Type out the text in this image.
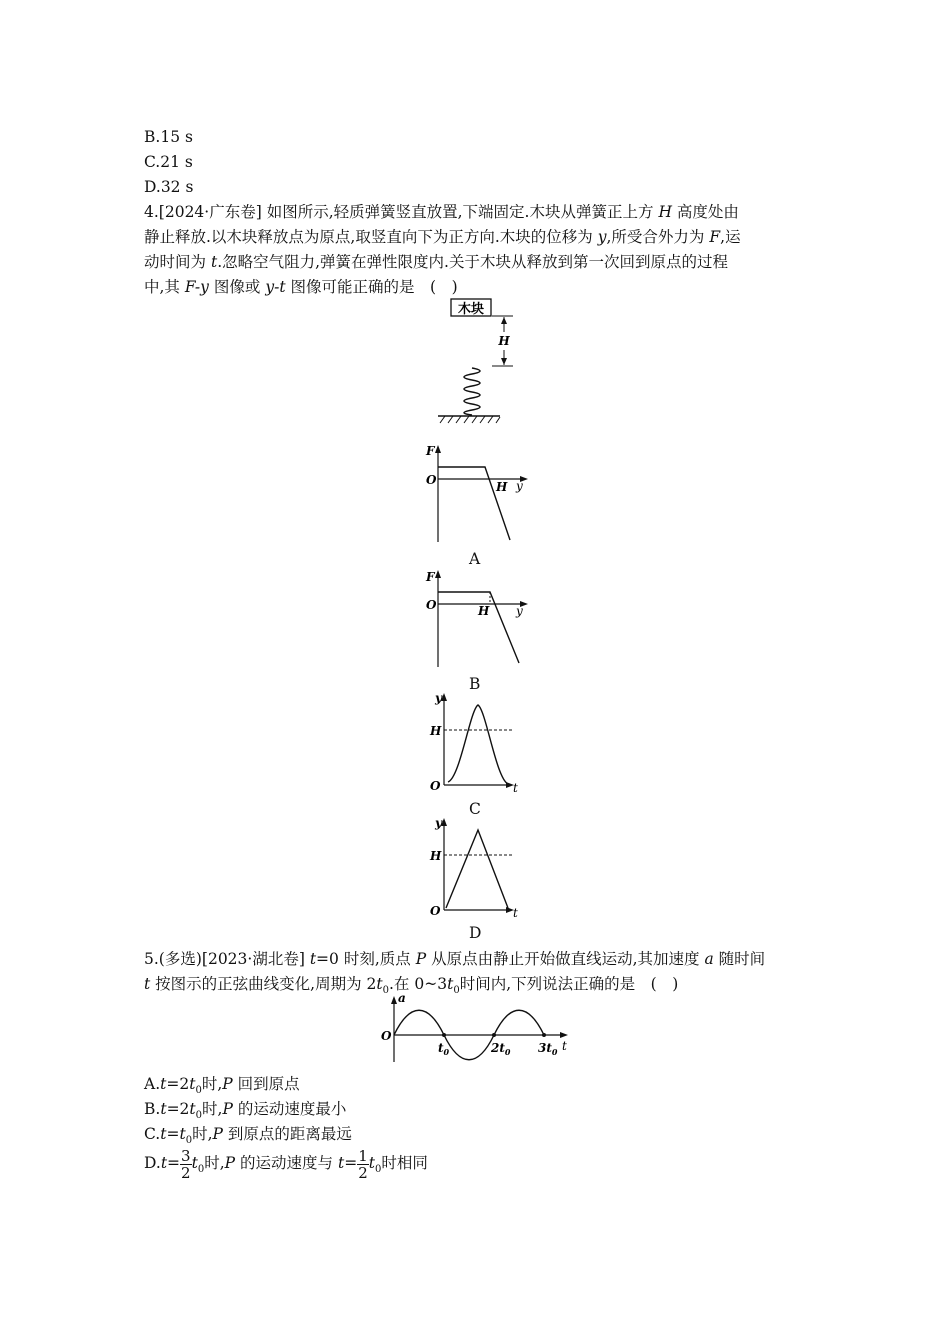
B.15 s
C.21 s
D.32 s
4.[2024·广东卷] 如图所示,轻质弹簧竖直放置,下端固定.木块从弹簧正上方 H 高度处由
静止释放.以木块释放点为原点,取竖直向下为正方向.木块的位移为 y,所受合外力为 F,运
动时间为 t.忽略空气阻力,弹簧在弹性限度内.关于木块从释放到第一次回到原点的过程
中,其 F-y 图像或 y-t 图像可能正确的是　 (　)
木块
H
F
O	y
H
A
F
O	y
H
B
y
H
O	t
C
y
H
O	t
D
5.(多选)[2023·湖北卷] t=0 时刻,质点 P 从原点由静止开始做直线运动,其加速度 a 随时间
t 按图示的正弦曲线变化,周期为 $2t_0$.在 $0\sim 3t_0$时间内,下列说法正确的是　 (　)
a
O
t
$t_0$	$2t_0$ $3t_0$
$A.t=2t_0$时,P 回到原点
$B.t=2t_0$时,P 的运动速度最小
$C.t=t_0$时,P 到原点的距离最远
$D.t= \frac{3}{2} t_0$时,P 的运动速度与 $t= \frac{1}{2} t_0$时相同
